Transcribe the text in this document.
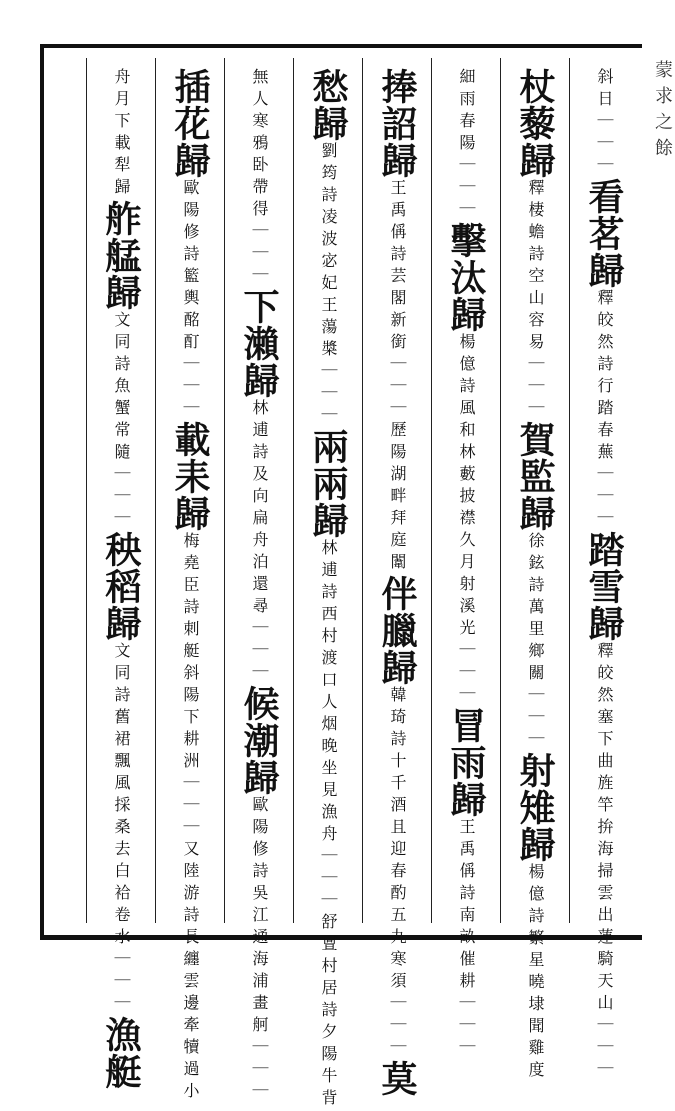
蒙求之餘
斜日｜｜｜看茗歸釋皎然詩行踏春蕪｜｜｜踏雪歸釋皎然塞下曲旌竿拚海掃雲出蓮騎天山｜｜｜
杖藜歸釋棲蟾詩空山容易｜｜｜賀監歸徐鉉詩萬里鄉關｜｜｜射雉歸楊億詩繁星曉埭聞雞度
細雨春陽｜｜｜擊汰歸楊億詩風和林藪披襟久月射溪光｜｜｜冒雨歸王禹偁詩南畝催耕｜｜｜
捧詔歸王禹偁詩芸閣新銜｜｜｜歷陽湖畔拜庭闈伴臘歸韓琦詩十千酒且迎春酌五九寒須｜｜｜莫
愁歸劉筠詩凌波宓妃王蕩槳｜｜｜兩兩歸林逋詩西村渡口人烟晚坐見漁舟｜｜｜舒亶村居詩夕陽牛背
無人寒鴉卧帶得｜｜｜下瀨歸林逋詩及向扁舟泊還尋｜｜｜候潮歸歐陽修詩吳江通海浦畫舸｜｜｜
插花歸歐陽修詩籃輿酩酊｜｜｜載耒歸梅堯臣詩刺艇斜陽下耕洲｜｜｜又陸游詩長纏雲邊牽犢過小
舟月下載犁歸舴艋歸文同詩魚蟹常隨｜｜｜秧稻歸文同詩舊裙飄風採桑去白袷卷水｜｜｜漁艇
